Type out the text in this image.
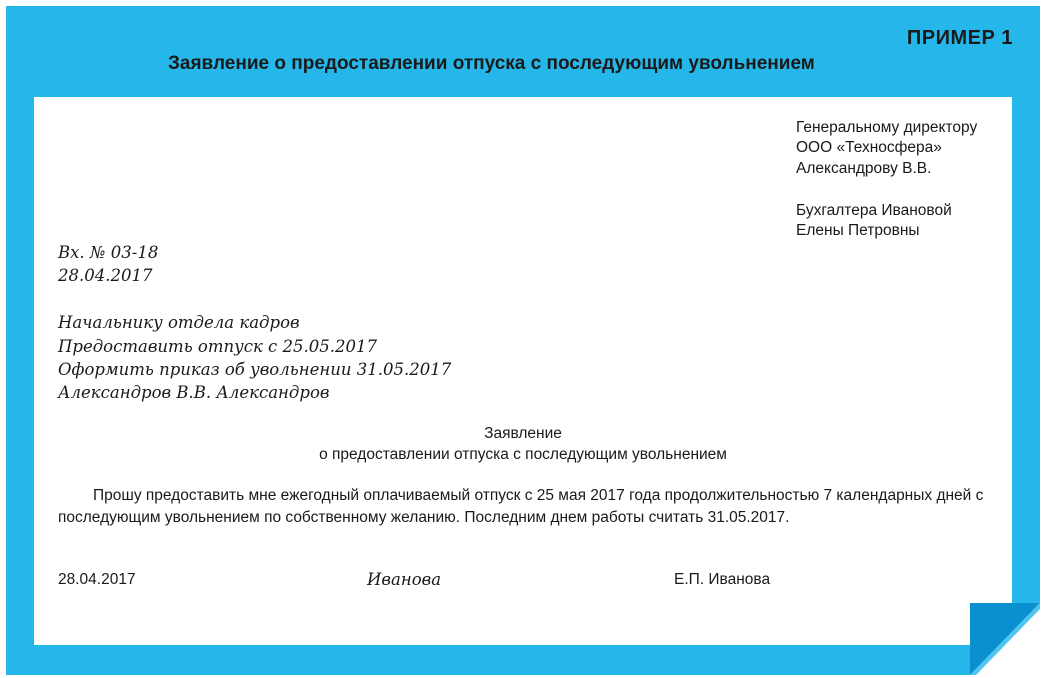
ПРИМЕР 1
Заявление о предоставлении отпуска с последующим увольнением
Генеральному директору
ООО «Техносфера»
Александрову В.В.
Бухгалтера Ивановой
Елены Петровны
Вх. № 03-18
28.04.2017
Начальнику отдела кадров
Предоставить отпуск с 25.05.2017
Оформить приказ об увольнении 31.05.2017
Александров В.В. Александров
Заявление
о предоставлении отпуска с последующим увольнением
Прошу предоставить мне ежегодный оплачиваемый отпуск с 25 мая 2017 года продолжительностью 7 календарных дней с последующим увольнением по собственному желанию. Последним днем работы считать 31.05.2017.
28.04.2017	Иванова	Е.П. Иванова
